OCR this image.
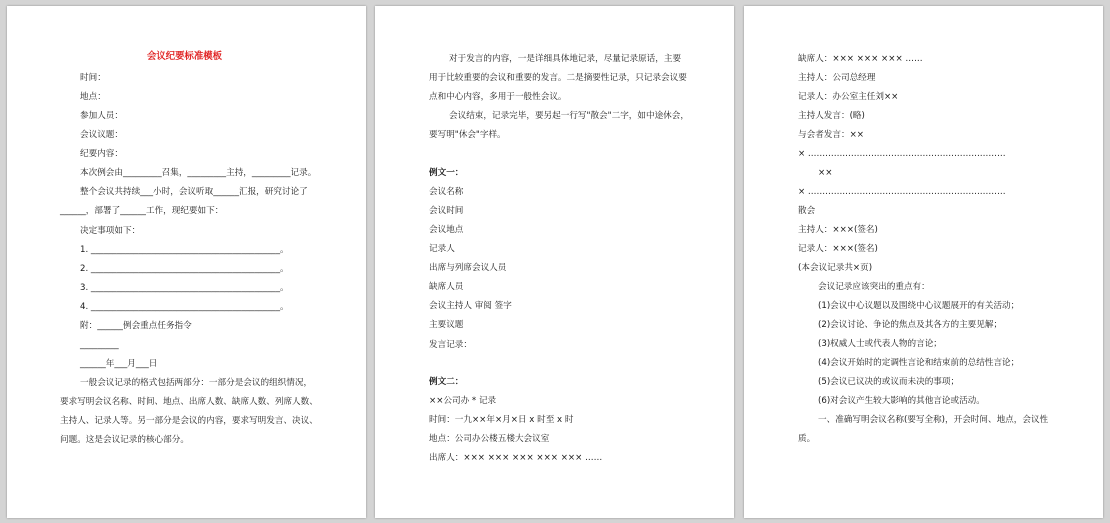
会议纪要标准模板
时间：
地点：
参加人员：
会议议题：
纪要内容：
本次例会由_________召集，_________主持，_________记录。
整个会议共持续___小时，会议听取______汇报，研究讨论了
______，部署了______工作，现纪要如下：
决定事项如下：
1. ____________________________________________。
2. ____________________________________________。
3. ____________________________________________。
4. ____________________________________________。
附：______例会重点任务指令
_________
______年___月___日
一般会议记录的格式包括两部分：一部分是会议的组织情况，
要求写明会议名称、时间、地点、出席人数、缺席人数、列席人数、
主持人、记录人等。另一部分是会议的内容，要求写明发言、决议、
问题。这是会议记录的核心部分。
对于发言的内容，一是详细具体地记录，尽量记录原话，主要
用于比较重要的会议和重要的发言。二是摘要性记录，只记录会议要
点和中心内容，多用于一般性会议。
会议结束，记录完毕，要另起一行写"散会"二字，如中途休会，
要写明"休会"字样。
例文一：
会议名称
会议时间
会议地点
记录人
出席与列席会议人员
缺席人员
会议主持人 审阅 签字
主要议题
发言记录：
例文二：
××公司办 * 记录
时间：一九××年×月×日 x 时至 x 时
地点：公司办公楼五楼大会议室
出席人：××× ××× ××× ××× ××× ……
缺席人：××× ××× ××× ……
主持人：公司总经理
记录人：办公室主任刘××
主持人发言：(略)
与会者发言：××
× ……………………………………………………………
××
× ……………………………………………………………
散会
主持人：×××(签名)
记录人：×××(签名)
(本会议记录共×页)
会议记录应该突出的重点有：
(1)会议中心议题以及围绕中心议题展开的有关活动；
(2)会议讨论、争论的焦点及其各方的主要见解；
(3)权威人士或代表人物的言论；
(4)会议开始时的定调性言论和结束前的总结性言论；
(5)会议已议决的或议而未决的事项；
(6)对会议产生较大影响的其他言论或活动。
一、准确写明会议名称(要写全称)，开会时间、地点，会议性
质。
